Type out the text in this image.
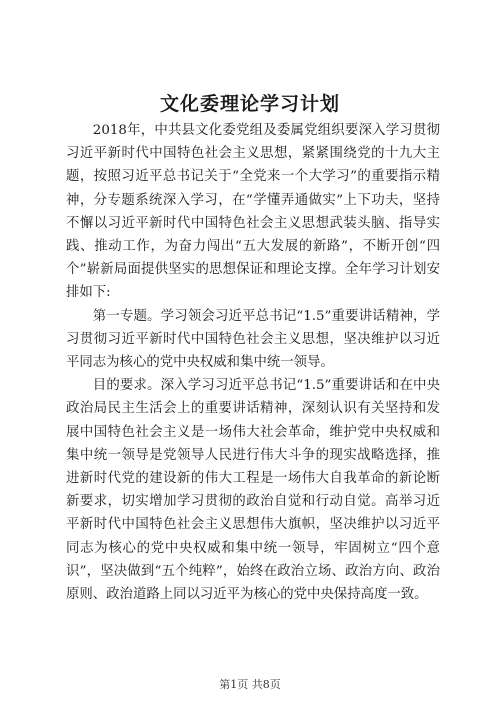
文化委理论学习计划

2018年，中共县文化委党组及委属党组织要深入学习贯彻习近平新时代中国特色社会主义思想，紧紧围绕党的十九大主题，按照习近平总书记关于“全党来一个大学习”的重要指示精神，分专题系统深入学习，在“学懂弄通做实”上下功夫，坚持不懈以习近平新时代中国特色社会主义思想武装头脑、指导实践、推动工作，为奋力闯出“五大发展的新路”，不断开创“四个”崭新局面提供坚实的思想保证和理论支撑。全年学习计划安排如下:

第一专题。学习领会习近平总书记“1.5”重要讲话精神，学习贯彻习近平新时代中国特色社会主义思想，坚决维护以习近平同志为核心的党中央权威和集中统一领导。

目的要求。深入学习习近平总书记“1.5”重要讲话和在中央政治局民主生活会上的重要讲话精神，深刻认识有关坚持和发展中国特色社会主义是一场伟大社会革命，维护党中央权威和集中统一领导是党领导人民进行伟大斗争的现实战略选择，推进新时代党的建设新的伟大工程是一场伟大自我革命的新论断新要求，切实增加学习贯彻的政治自觉和行动自觉。高举习近平新时代中国特色社会主义思想伟大旗帜，坚决维护以习近平同志为核心的党中央权威和集中统一领导，牢固树立“四个意识”，坚决做到“五个纯粹”，始终在政治立场、政治方向、政治原则、政治道路上同以习近平为核心的党中央保持高度一致。

第1页 共8页
